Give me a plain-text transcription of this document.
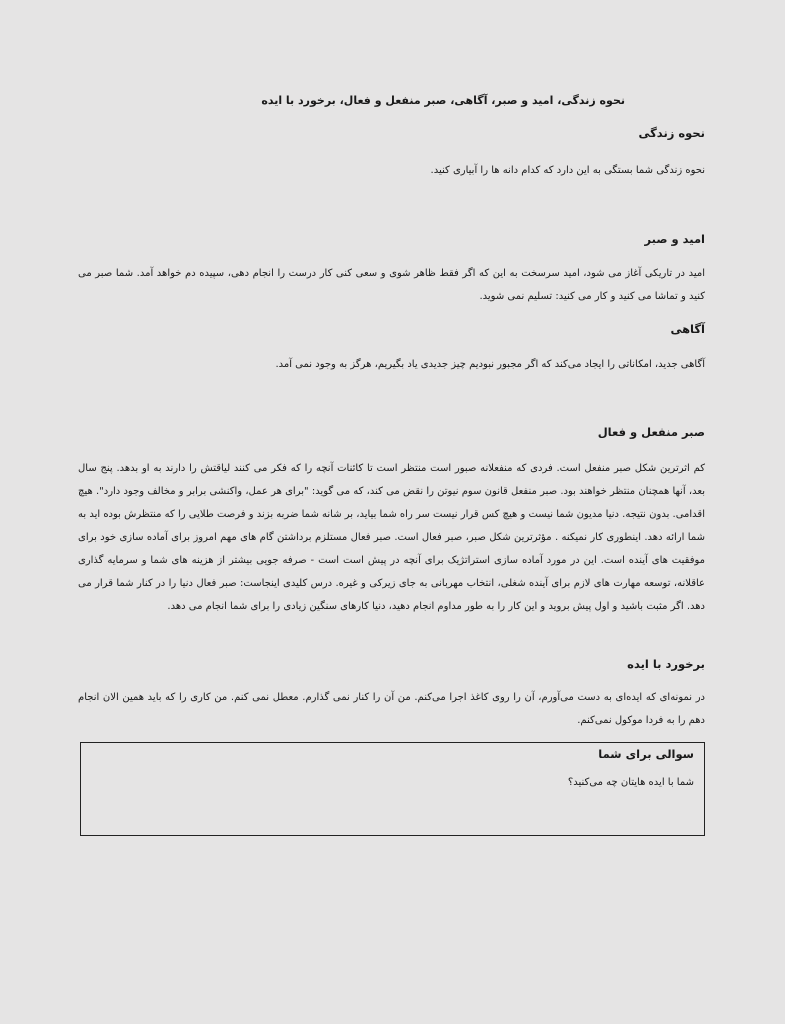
نحوه زندگی، امید و صبر، آگاهی، صبر منفعل و فعال، برخورد با ایده
نحوه زندگی

نحوه زندگی شما بستگی به این دارد که کدام دانه ها را آبیاری کنید.

امید و صبر

امید در تاریکی آغاز می شود، امید سرسخت به این که اگر فقط ظاهر شوی و سعی کنی کار درست را انجام دهی، سپیده دم خواهد آمد. شما صبر می کنید و تماشا می کنید و کار می کنید: تسلیم نمی شوید.

آگاهی

آگاهی جدید، امکاناتی را ایجاد می‌کند که اگر مجبور نبودیم چیز جدیدی یاد بگیریم، هرگز به وجود نمی آمد.

صبر منفعل و فعال

کم اثرترین شکل صبر منفعل است. فردی که منفعلانه صبور است منتظر است تا کائنات آنچه را که فکر می کنند لیاقتش را دارند به او بدهد. پنج سال بعد، آنها همچنان منتظر خواهند بود. صبر منفعل قانون سوم نیوتن را نقض می کند، که می گوید: "برای هر عمل، واکنشی برابر و مخالف وجود دارد". هیچ اقدامی. بدون نتیجه. دنیا مدیون شما نیست و هیچ کس قرار نیست سر راه شما بیاید، بر شانه شما ضربه بزند و فرصت طلایی را که منتظرش بوده اید به شما ارائه دهد. اینطوری کار نمیکنه . مؤثرترین شکل صبر، صبر فعال است. صبر فعال مستلزم برداشتن گام های مهم امروز برای آماده سازی خود برای موفقیت های آینده است. این در مورد آماده سازی استراتژیک برای آنچه در پیش است است - صرفه جویی بیشتر از هزینه های شما و سرمایه گذاری عاقلانه، توسعه مهارت های لازم برای آینده شغلی، انتخاب مهربانی به جای زیرکی و غیره. درس کلیدی اینجاست: صبر فعال دنیا را در کنار شما قرار می دهد. اگر مثبت باشید و اول پیش بروید و این کار را به طور مداوم انجام دهید، دنیا کارهای سنگین زیادی را برای شما انجام می دهد.

برخورد با ایده

در نمونه‌ای که ایده‌ای به دست می‌آورم، آن را روی کاغذ اجرا می‌کنم. من آن را کنار نمی گذارم. معطل نمی کنم. من کاری را که باید همین الان انجام دهم را به فردا موکول نمی‌کنم.

سوالی برای شما

شما با ایده هایتان چه می‌کنید؟
